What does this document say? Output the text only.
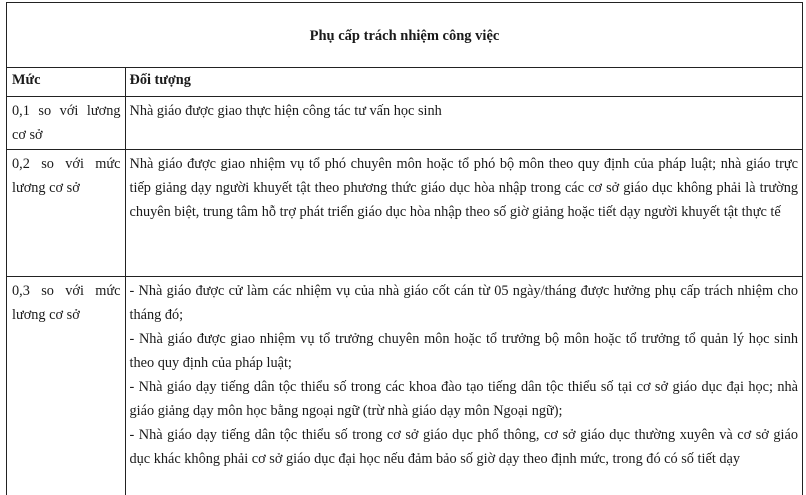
Phụ cấp trách nhiệm công việc
Mức	Đối tượng
0,1 so với lương cơ sở	Nhà giáo được giao thực hiện công tác tư vấn học sinh

0,2 so với mức lương cơ sở	Nhà giáo được giao nhiệm vụ tổ phó chuyên môn hoặc tổ phó bộ môn theo quy định của pháp luật; nhà giáo trực tiếp giảng dạy người khuyết tật theo phương thức giáo dục hòa nhập trong các cơ sở giáo dục không phải là trường chuyên biệt, trung tâm hỗ trợ phát triển giáo dục hòa nhập theo số giờ giảng hoặc tiết dạy người khuyết tật thực tế

0,3 so với mức lương cơ sở	- Nhà giáo được cử làm các nhiệm vụ của nhà giáo cốt cán từ 05 ngày/tháng được hưởng phụ cấp trách nhiệm cho tháng đó;
- Nhà giáo được giao nhiệm vụ tổ trưởng chuyên môn hoặc tổ trưởng bộ môn hoặc tổ trưởng tổ quản lý học sinh theo quy định của pháp luật;
- Nhà giáo dạy tiếng dân tộc thiểu số trong các khoa đào tạo tiếng dân tộc thiểu số tại cơ sở giáo dục đại học; nhà giáo giảng dạy môn học bằng ngoại ngữ (trừ nhà giáo dạy môn Ngoại ngữ);
- Nhà giáo dạy tiếng dân tộc thiểu số trong cơ sở giáo dục phổ thông, cơ sở giáo dục thường xuyên và cơ sở giáo dục khác không phải cơ sở giáo dục đại học nếu đảm bảo số giờ dạy theo định mức, trong đó có số tiết dạy
